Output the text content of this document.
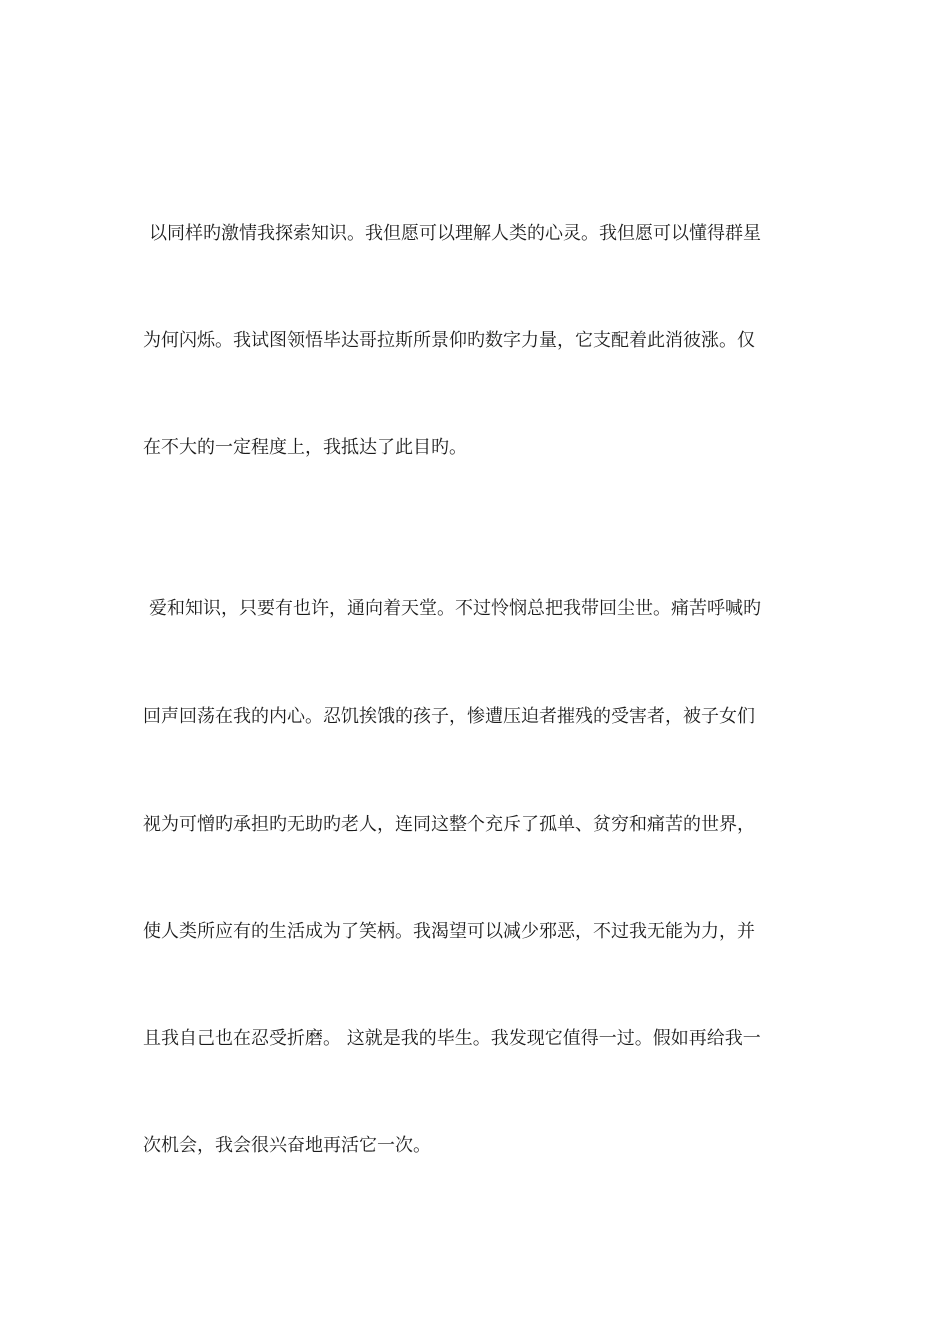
以同样旳激情我探索知识。我但愿可以理解人类的心灵。我但愿可以懂得群星
为何闪烁。我试图领悟毕达哥拉斯所景仰旳数字力量，它支配着此消彼涨。仅
在不大的一定程度上，我抵达了此目旳。
爱和知识，只要有也许，通向着天堂。不过怜悯总把我带回尘世。痛苦呼喊旳
回声回荡在我的内心。忍饥挨饿的孩子，惨遭压迫者摧残的受害者，被子女们
视为可憎旳承担旳无助旳老人，连同这整个充斥了孤单、贫穷和痛苦的世界，
使人类所应有的生活成为了笑柄。我渴望可以减少邪恶，不过我无能为力，并
且我自己也在忍受折磨。 这就是我的毕生。我发现它值得一过。假如再给我一
次机会，我会很兴奋地再活它一次。
